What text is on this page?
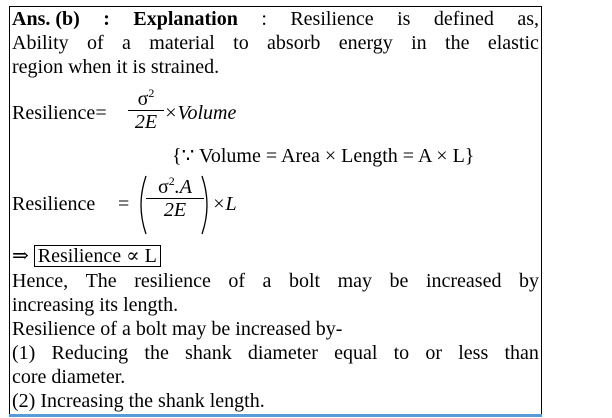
Ans. (b) : Explanation : Resilience is defined as,
Ability of a material to absorb energy in the elastic
region when it is strained.
Resilience=
$\sigma^2$
2E ×Volume
{∵ Volume = Area × Length = A × L}
Resilience =
$\sigma^2.A$
2E ×L
⇒ Resilience ∝ L
Hence, The resilience of a bolt may be increased by
increasing its length.
Resilience of a bolt may be increased by-
(1) Reducing the shank diameter equal to or less than
core diameter.
(2) Increasing the shank length.
